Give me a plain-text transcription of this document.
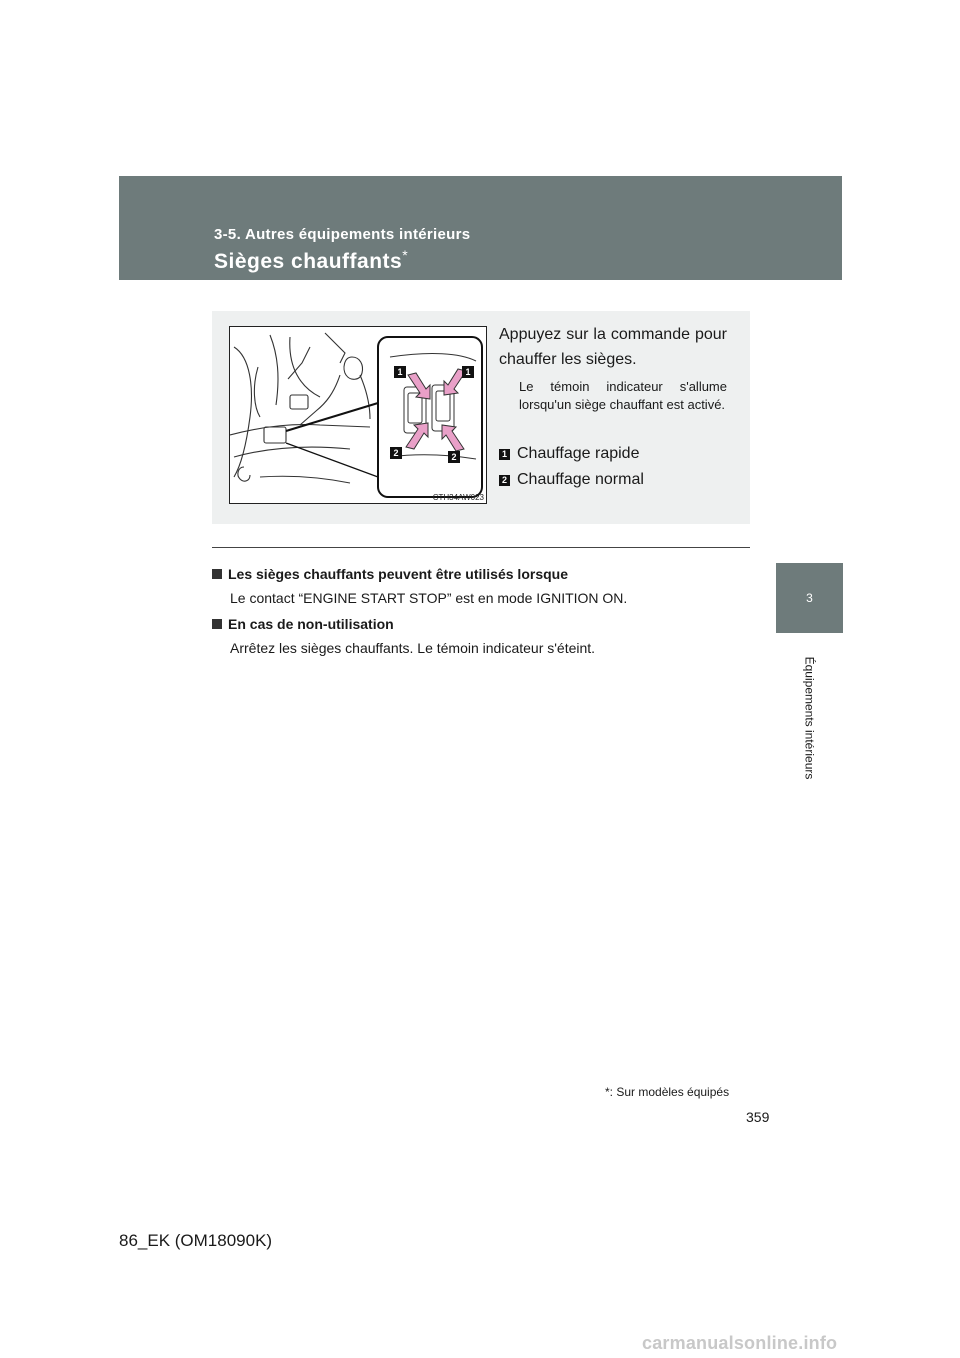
3-5. Autres équipements intérieurs
Sièges chauffants*
3
Équipements intérieurs
1	1
2	2
CTH34AW023
Appuyez sur la commande pour chauffer les sièges.
Le témoin indicateur s'allume lorsqu'un siège chauffant est activé.
1 Chauffage rapide
2 Chauffage normal
Les sièges chauffants peuvent être utilisés lorsque
Le contact “ENGINE START STOP” est en mode IGNITION ON.
En cas de non-utilisation
Arrêtez les sièges chauffants. Le témoin indicateur s'éteint.
*: Sur modèles équipés
359
86_EK (OM18090K)
carmanualsonline.info
